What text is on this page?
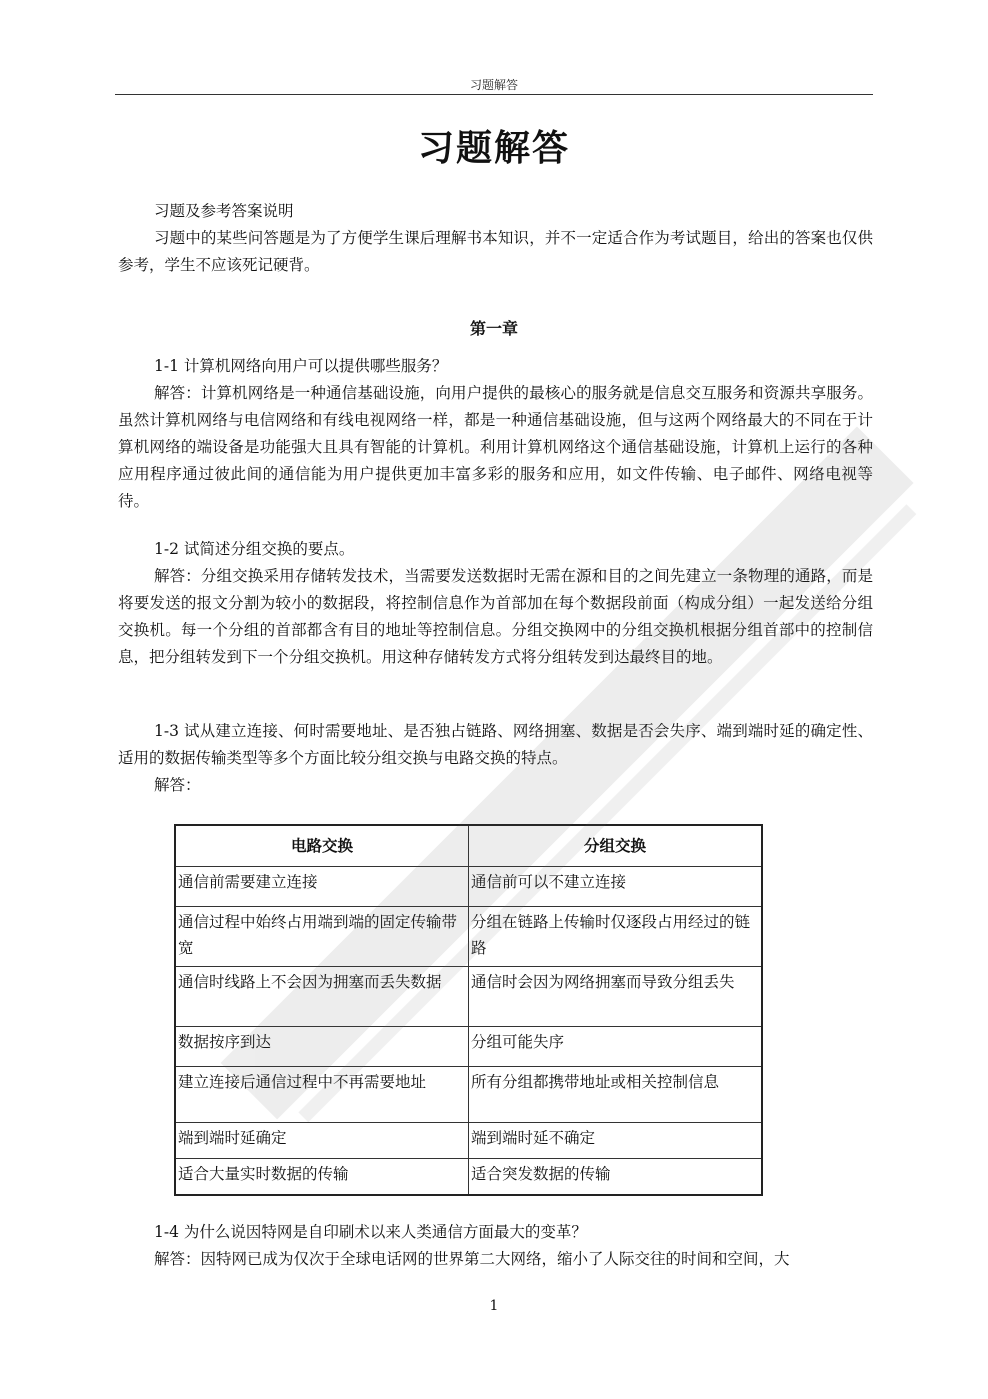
习题解答
习题解答

习题及参考答案说明

习题中的某些问答题是为了方便学生课后理解书本知识，并不一定适合作为考试题目，给出的答案也仅供参考，学生不应该死记硬背。

第一章

1-1 计算机网络向用户可以提供哪些服务？

解答：计算机网络是一种通信基础设施，向用户提供的最核心的服务就是信息交互服务和资源共享服务。虽然计算机网络与电信网络和有线电视网络一样，都是一种通信基础设施，但与这两个网络最大的不同在于计算机网络的端设备是功能强大且具有智能的计算机。利用计算机网络这个通信基础设施，计算机上运行的各种应用程序通过彼此间的通信能为用户提供更加丰富多彩的服务和应用，如文件传输、电子邮件、网络电视等待。

1-2 试简述分组交换的要点。

解答：分组交换采用存储转发技术，当需要发送数据时无需在源和目的之间先建立一条物理的通路，而是将要发送的报文分割为较小的数据段，将控制信息作为首部加在每个数据段前面（构成分组）一起发送给分组交换机。每一个分组的首部都含有目的地址等控制信息。分组交换网中的分组交换机根据分组首部中的控制信息，把分组转发到下一个分组交换机。用这种存储转发方式将分组转发到达最终目的地。

1-3 试从建立连接、何时需要地址、是否独占链路、网络拥塞、数据是否会失序、端到端时延的确定性、适用的数据传输类型等多个方面比较分组交换与电路交换的特点。

解答：

电路交换	分组交换
通信前需要建立连接	通信前可以不建立连接
通信过程中始终占用端到端的固定传输带宽	分组在链路上传输时仅逐段占用经过的链路
通信时线路上不会因为拥塞而丢失数据	通信时会因为网络拥塞而导致分组丢失
数据按序到达	分组可能失序
建立连接后通信过程中不再需要地址	所有分组都携带地址或相关控制信息
端到端时延确定	端到端时延不确定
适合大量实时数据的传输	适合突发数据的传输

1-4 为什么说因特网是自印刷术以来人类通信方面最大的变革？

解答：因特网已成为仅次于全球电话网的世界第二大网络，缩小了人际交往的时间和空间，大

1
